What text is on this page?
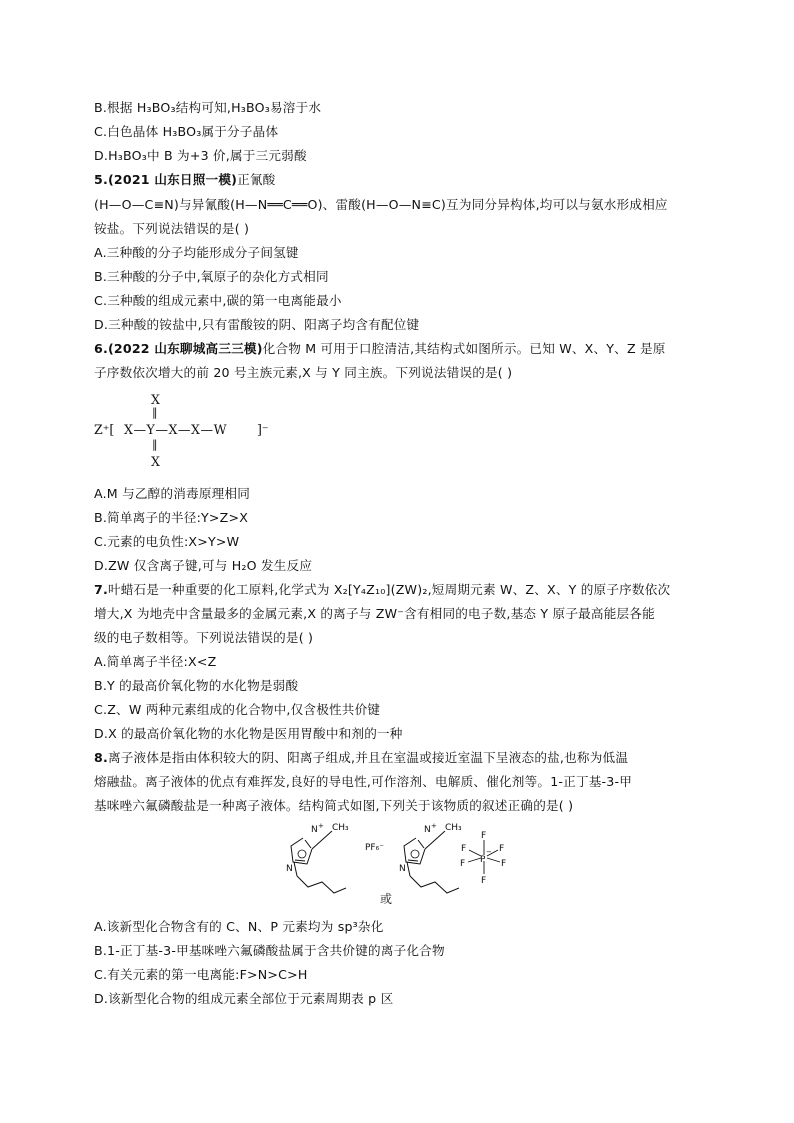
B.根据 H₃BO₃结构可知,H₃BO₃易溶于水
C.白色晶体 H₃BO₃属于分子晶体
D.H₃BO₃中 B 为+3 价,属于三元弱酸
5.(2021 山东日照一模)正氰酸
(H—O—C≡N)与异氰酸(H—N══C══O)、雷酸(H—O—N≡C)互为同分异构体,均可以与氨水形成相应
铵盐。下列说法错误的是( )
A.三种酸的分子均能形成分子间氢键
B.三种酸的分子中,氧原子的杂化方式相同
C.三种酸的组成元素中,碳的第一电离能最小
D.三种酸的铵盐中,只有雷酸铵的阴、阳离子均含有配位键
6.(2022 山东聊城高三三模)化合物 M 可用于口腔清洁,其结构式如图所示。已知 W、X、Y、Z 是原
子序数依次增大的前 20 号主族元素,X 与 Y 同主族。下列说法错误的是( )
X
‖
Z⁺[ X—Y—X—X—W ]⁻
‖
X
A.M 与乙醇的消毒原理相同
B.简单离子的半径:Y>Z>X
C.元素的电负性:X>Y>W
D.ZW 仅含离子键,可与 H₂O 发生反应
7.叶蜡石是一种重要的化工原料,化学式为 X₂[Y₄Z₁₀](ZW)₂,短周期元素 W、Z、X、Y 的原子序数依次
增大,X 为地壳中含量最多的金属元素,X 的离子与 ZW⁻含有相同的电子数,基态 Y 原子最高能层各能
级的电子数相等。下列说法错误的是( )
A.简单离子半径:X<Z
B.Y 的最高价氧化物的水化物是弱酸
C.Z、W 两种元素组成的化合物中,仅含极性共价键
D.X 的最高价氧化物的水化物是医用胃酸中和剂的一种
8.离子液体是指由体积较大的阴、阳离子组成,并且在室温或接近室温下呈液态的盐,也称为低温
熔融盐。离子液体的优点有难挥发,良好的导电性,可作溶剂、电解质、催化剂等。1-正丁基-3-甲
基咪唑六氟磷酸盐是一种离子液体。结构简式如图,下列关于该物质的叙述正确的是( )
N + CH₃
N
PF₆⁻
N + CH₃
N
或
P
−
F
F
F	F
F	F
A.该新型化合物含有的 C、N、P 元素均为 sp³杂化
B.1-正丁基-3-甲基咪唑六氟磷酸盐属于含共价键的离子化合物
C.有关元素的第一电离能:F>N>C>H
D.该新型化合物的组成元素全部位于元素周期表 p 区
